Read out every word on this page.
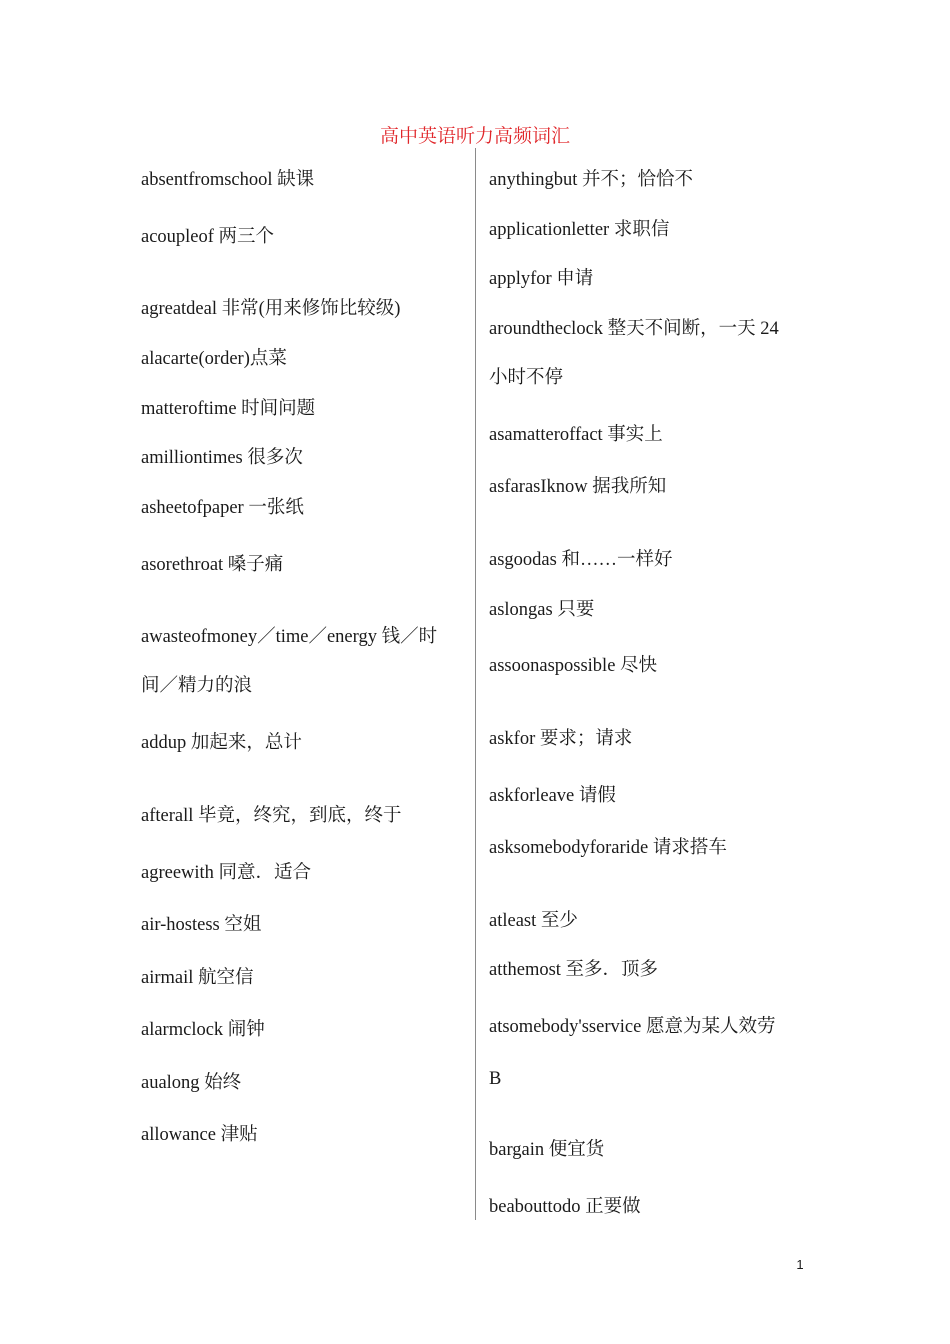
高中英语听力高频词汇
absentfromschool 缺课
acoupleof 两三个
agreatdeal 非常(用来修饰比较级)
alacarte(order)点菜
matteroftime 时间问题
amilliontimes 很多次
asheetofpaper 一张纸
asorethroat 嗓子痛
awasteofmoney／time／energy 钱／时
间／精力的浪
addup 加起来，总计
afterall 毕竟，终究，到底，终于
agreewith 同意．适合
air-hostess 空姐
airmail 航空信
alarmclock 闹钟
aualong 始终
allowance 津贴
anythingbut 并不；恰恰不
applicationletter 求职信
applyfor 申请
aroundtheclock 整天不间断，一天 24
小时不停
asamatteroffact 事实上
asfarasIknow 据我所知
asgoodas 和……一样好
aslongas 只要
assoonaspossible 尽快
askfor 要求；请求
askforleave 请假
asksomebodyforaride 请求搭车
atleast 至少
atthemost 至多．顶多
atsomebody'sservice 愿意为某人效劳
B
bargain 便宜货
beabouttodo 正要做
1
